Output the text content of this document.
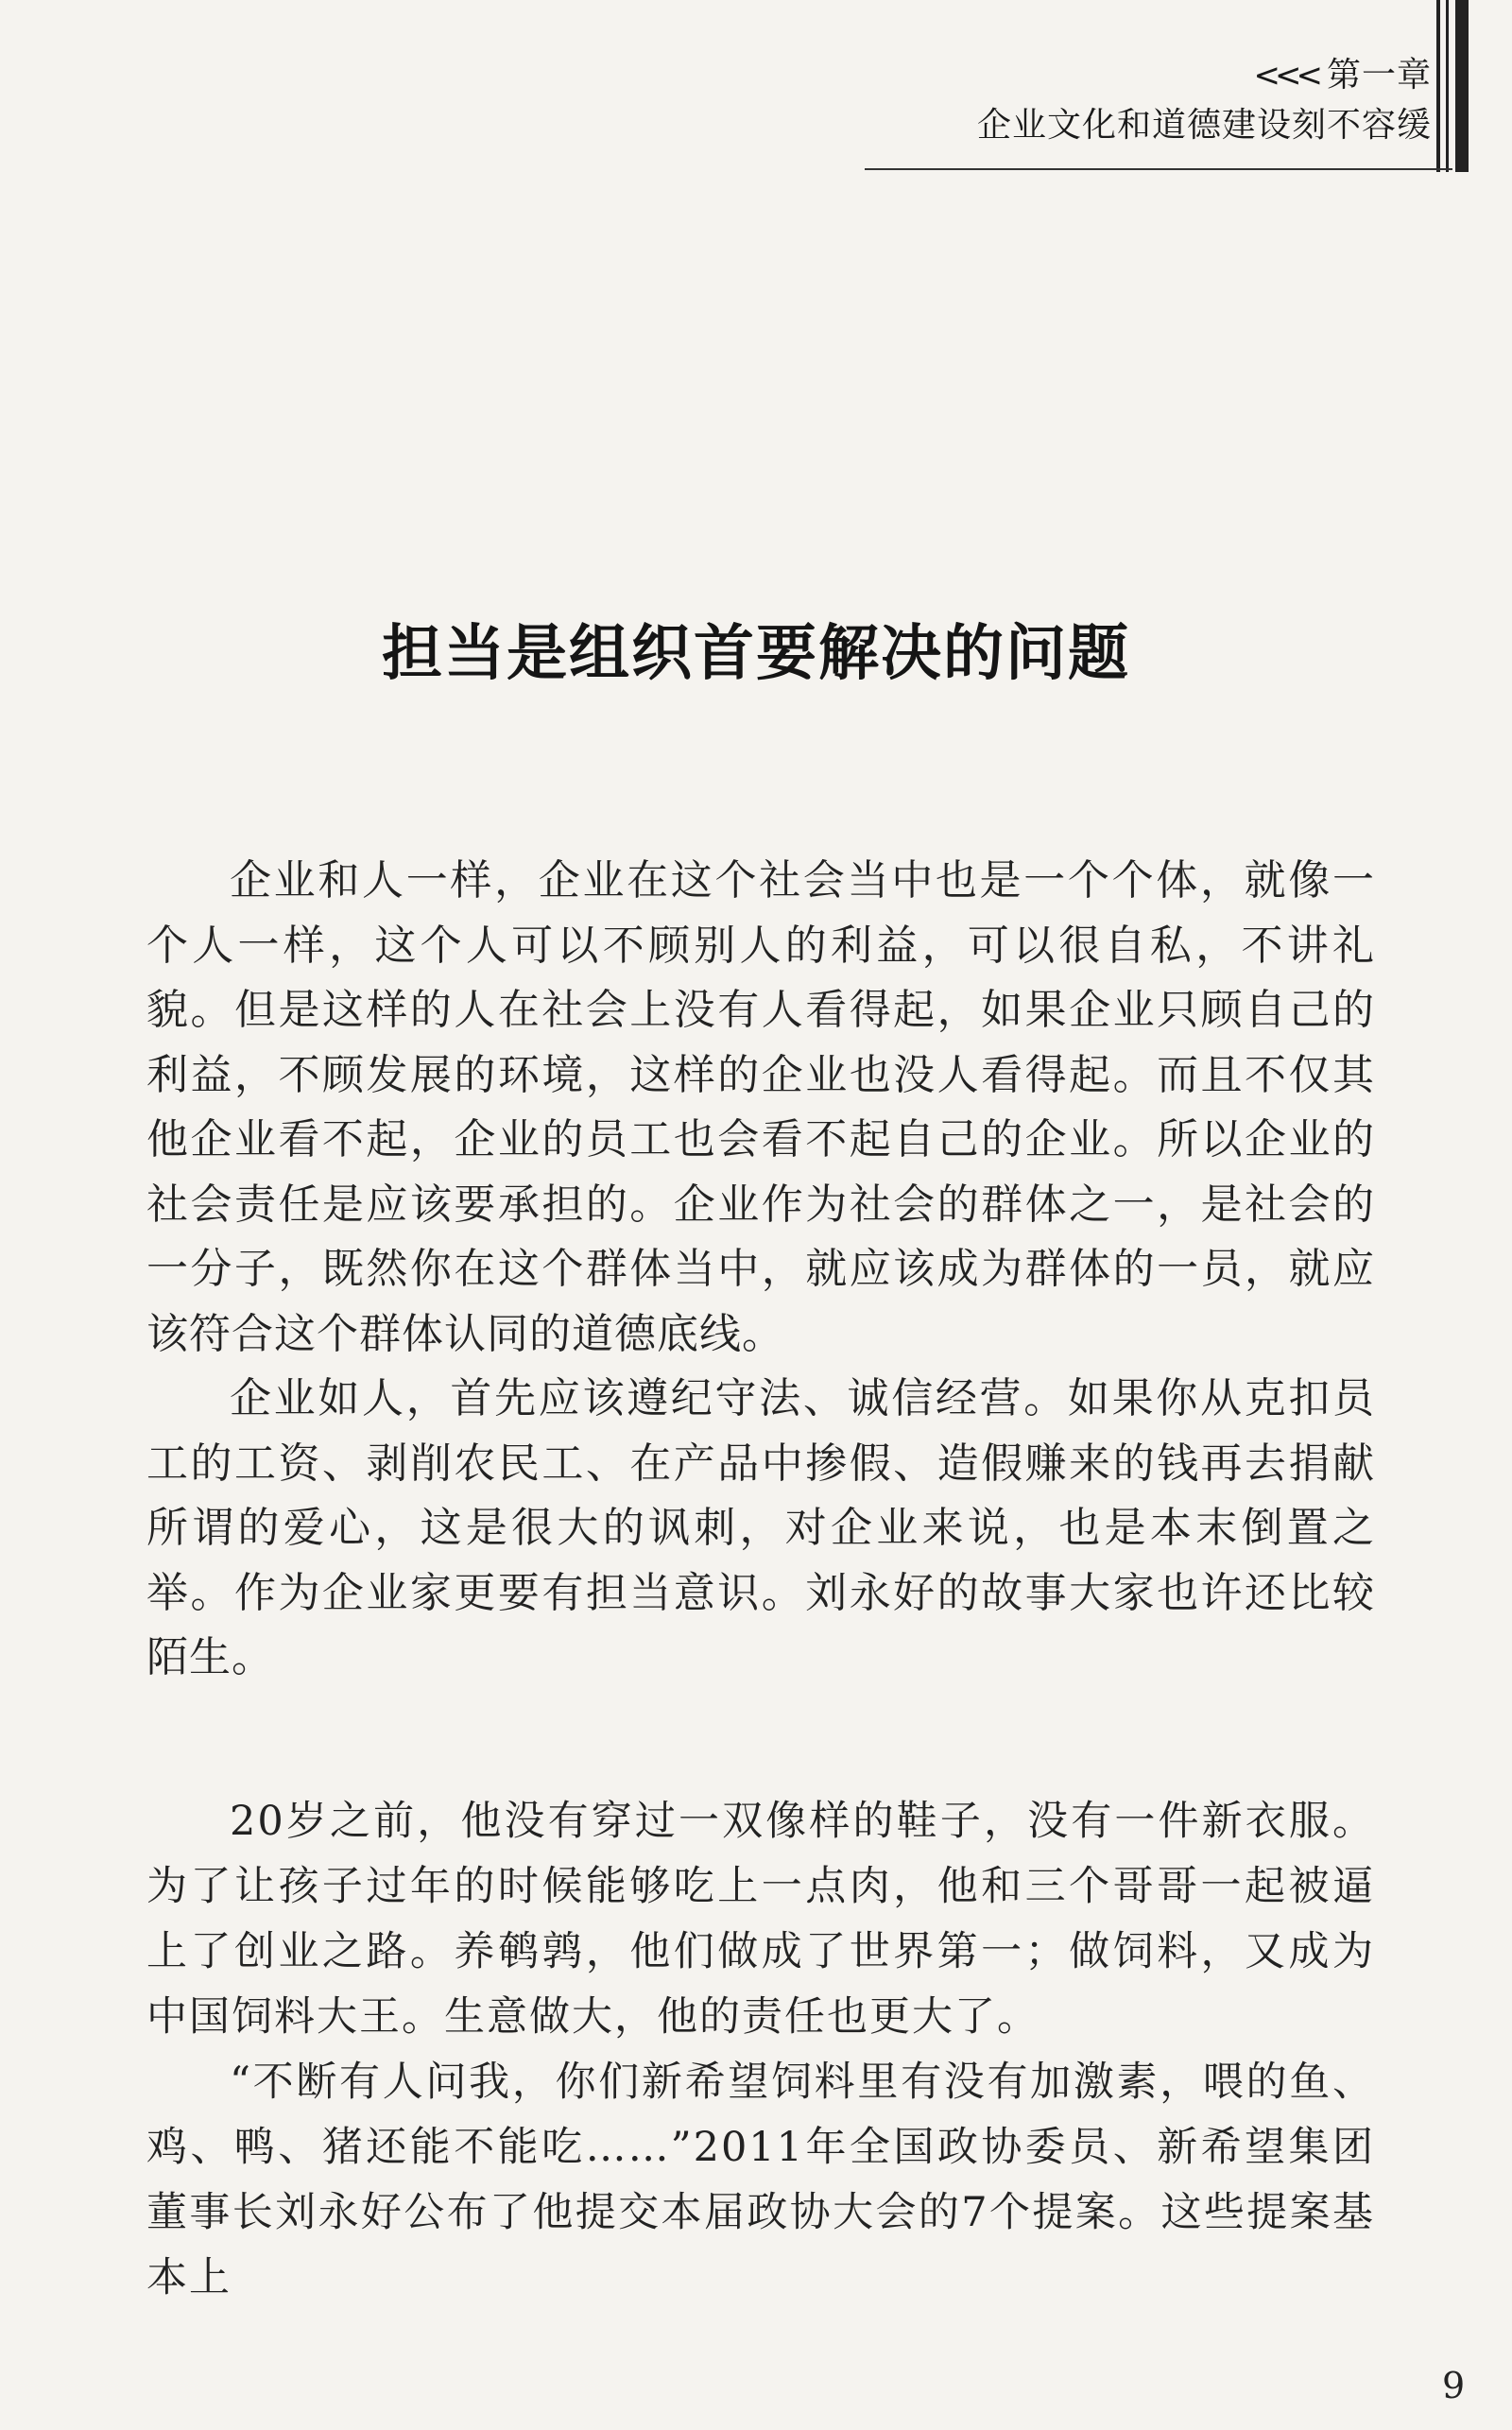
<<< 第一章
企业文化和道德建设刻不容缓
担当是组织首要解决的问题

企业和人一样，企业在这个社会当中也是一个个体，就像一个人一样，这个人可以不顾别人的利益，可以很自私，不讲礼貌。但是这样的人在社会上没有人看得起，如果企业只顾自己的利益，不顾发展的环境，这样的企业也没人看得起。而且不仅其他企业看不起，企业的员工也会看不起自己的企业。所以企业的社会责任是应该要承担的。企业作为社会的群体之一，是社会的一分子，既然你在这个群体当中，就应该成为群体的一员，就应该符合这个群体认同的道德底线。

企业如人，首先应该遵纪守法、诚信经营。如果你从克扣员工的工资、剥削农民工、在产品中掺假、造假赚来的钱再去捐献所谓的爱心，这是很大的讽刺，对企业来说，也是本末倒置之举。作为企业家更要有担当意识。刘永好的故事大家也许还比较陌生。

20岁之前，他没有穿过一双像样的鞋子，没有一件新衣服。为了让孩子过年的时候能够吃上一点肉，他和三个哥哥一起被逼上了创业之路。养鹌鹑，他们做成了世界第一；做饲料，又成为中国饲料大王。生意做大，他的责任也更大了。

“不断有人问我，你们新希望饲料里有没有加激素，喂的鱼、鸡、鸭、猪还能不能吃……”2011年全国政协委员、新希望集团董事长刘永好公布了他提交本届政协大会的7个提案。这些提案基本上

9
